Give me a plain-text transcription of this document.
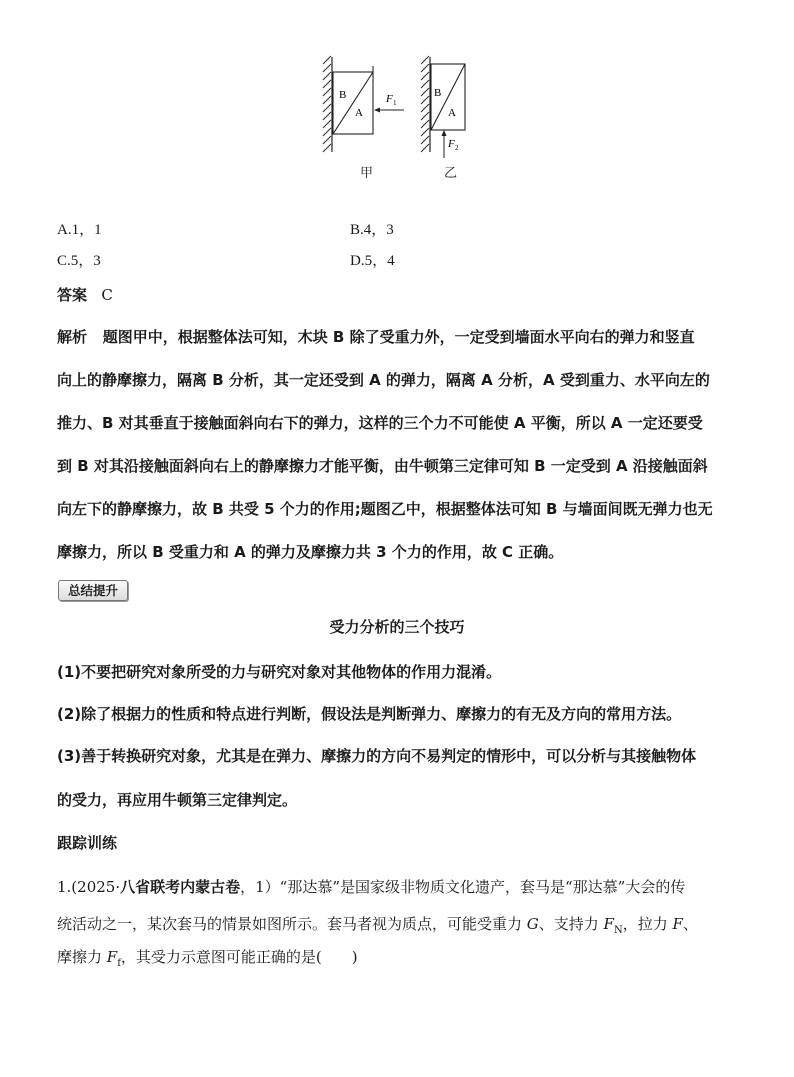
B
A
F 1
B
A
F 2
甲	乙
A.1，1	B.4，3
C.5，3	D.5，4
答案 C
解析 题图甲中，根据整体法可知，木块 B 除了受重力外，一定受到墙面水平向右的弹力和竖直
向上的静摩擦力，隔离 B 分析，其一定还受到 A 的弹力，隔离 A 分析，A 受到重力、水平向左的
推力、B 对其垂直于接触面斜向右下的弹力，这样的三个力不可能使 A 平衡，所以 A 一定还要受
到 B 对其沿接触面斜向右上的静摩擦力才能平衡，由牛顿第三定律可知 B 一定受到 A 沿接触面斜
向左下的静摩擦力，故 B 共受 5 个力的作用;题图乙中，根据整体法可知 B 与墙面间既无弹力也无
摩擦力，所以 B 受重力和 A 的弹力及摩擦力共 3 个力的作用，故 C 正确。
总结提升
受力分析的三个技巧
(1)不要把研究对象所受的力与研究对象对其他物体的作用力混淆。
(2)除了根据力的性质和特点进行判断，假设法是判断弹力、摩擦力的有无及方向的常用方法。
(3)善于转换研究对象，尤其是在弹力、摩擦力的方向不易判定的情形中，可以分析与其接触物体
的受力，再应用牛顿第三定律判定。
跟踪训练
1.(2025·八省联考内蒙古卷，1）“那达慕”是国家级非物质文化遗产，套马是“那达慕”大会的传
统活动之一，某次套马的情景如图所示。套马者视为质点，可能受重力 G、支持力 $F_N$，拉力 F、
摩擦力 $F_f$，其受力示意图可能正确的是(　　)
